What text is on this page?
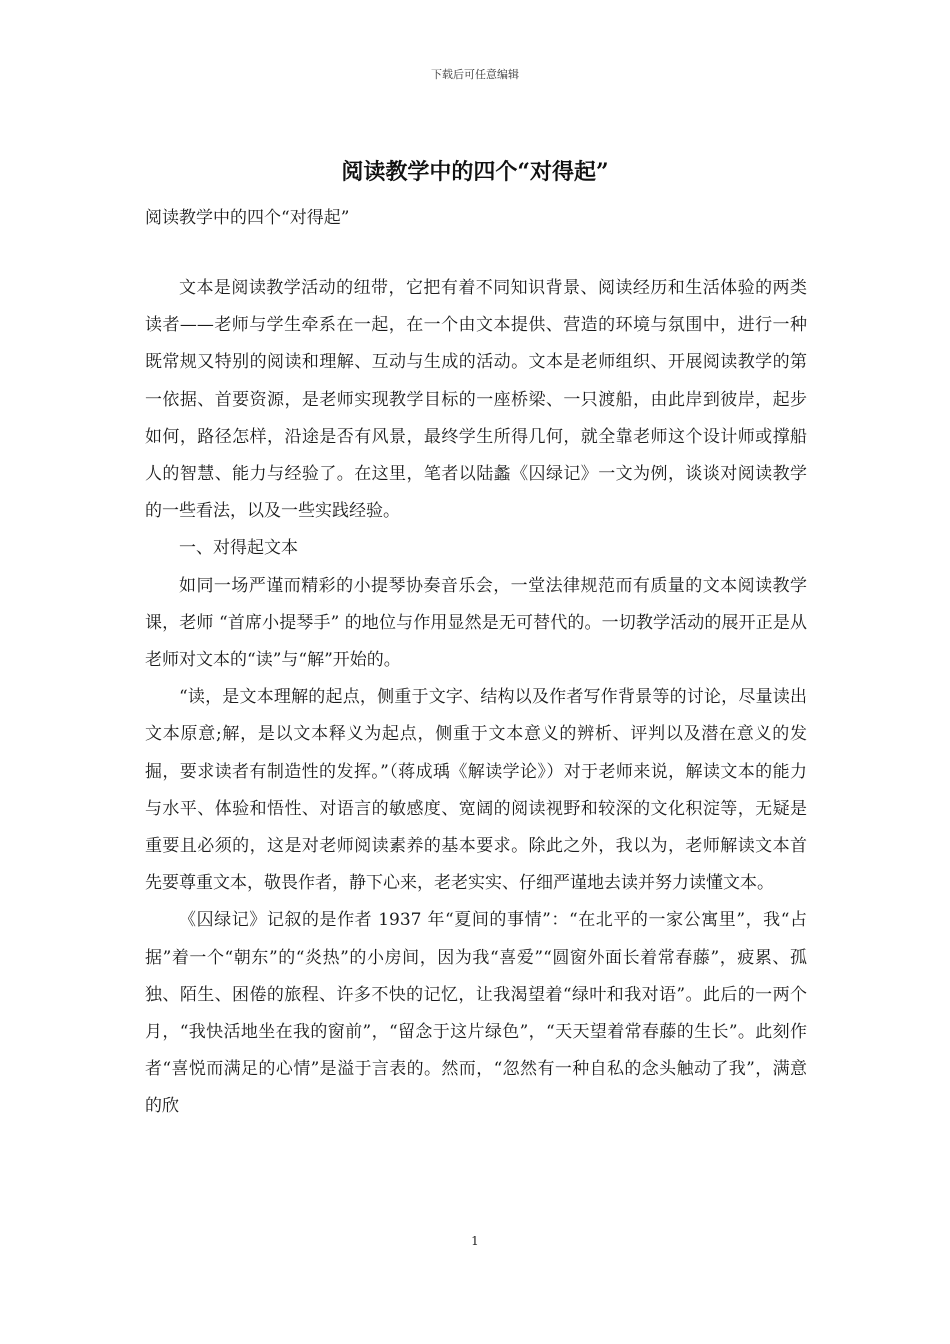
下载后可任意编辑
阅读教学中的四个“对得起”
阅读教学中的四个“对得起”

文本是阅读教学活动的纽带，它把有着不同知识背景、阅读经历和生活体验的两类读者——老师与学生牵系在一起，在一个由文本提供、营造的环境与氛围中，进行一种既常规又特别的阅读和理解、互动与生成的活动。文本是老师组织、开展阅读教学的第一依据、首要资源，是老师实现教学目标的一座桥梁、一只渡船，由此岸到彼岸，起步如何，路径怎样，沿途是否有风景，最终学生所得几何，就全靠老师这个设计师或撑船人的智慧、能力与经验了。在这里，笔者以陆蠡《囚绿记》一文为例，谈谈对阅读教学的一些看法，以及一些实践经验。

一、对得起文本

如同一场严谨而精彩的小提琴协奏音乐会，一堂法律规范而有质量的文本阅读教学课，老师 “首席小提琴手” 的地位与作用显然是无可替代的。一切教学活动的展开正是从老师对文本的“读”与“解”开始的。

“读，是文本理解的起点，侧重于文字、结构以及作者写作背景等的讨论，尽量读出文本原意;解，是以文本释义为起点，侧重于文本意义的辨析、评判以及潜在意义的发掘，要求读者有制造性的发挥。”（蒋成瑀《解读学论》）对于老师来说，解读文本的能力与水平、体验和悟性、对语言的敏感度、宽阔的阅读视野和较深的文化积淀等，无疑是重要且必须的，这是对老师阅读素养的基本要求。除此之外，我以为，老师解读文本首先要尊重文本，敬畏作者，静下心来，老老实实、仔细严谨地去读并努力读懂文本。

《囚绿记》记叙的是作者 1937 年“夏间的事情”：“在北平的一家公寓里”，我“占据”着一个“朝东”的“炎热”的小房间，因为我“喜爱”“圆窗外面长着常春藤”，疲累、孤独、陌生、困倦的旅程、许多不快的记忆，让我渴望着“绿叶和我对语”。此后的一两个月，“我快活地坐在我的窗前”，“留念于这片绿色”，“天天望着常春藤的生长”。此刻作者“喜悦而满足的心情”是溢于言表的。然而，“忽然有一种自私的念头触动了我”，满意的欣

1
